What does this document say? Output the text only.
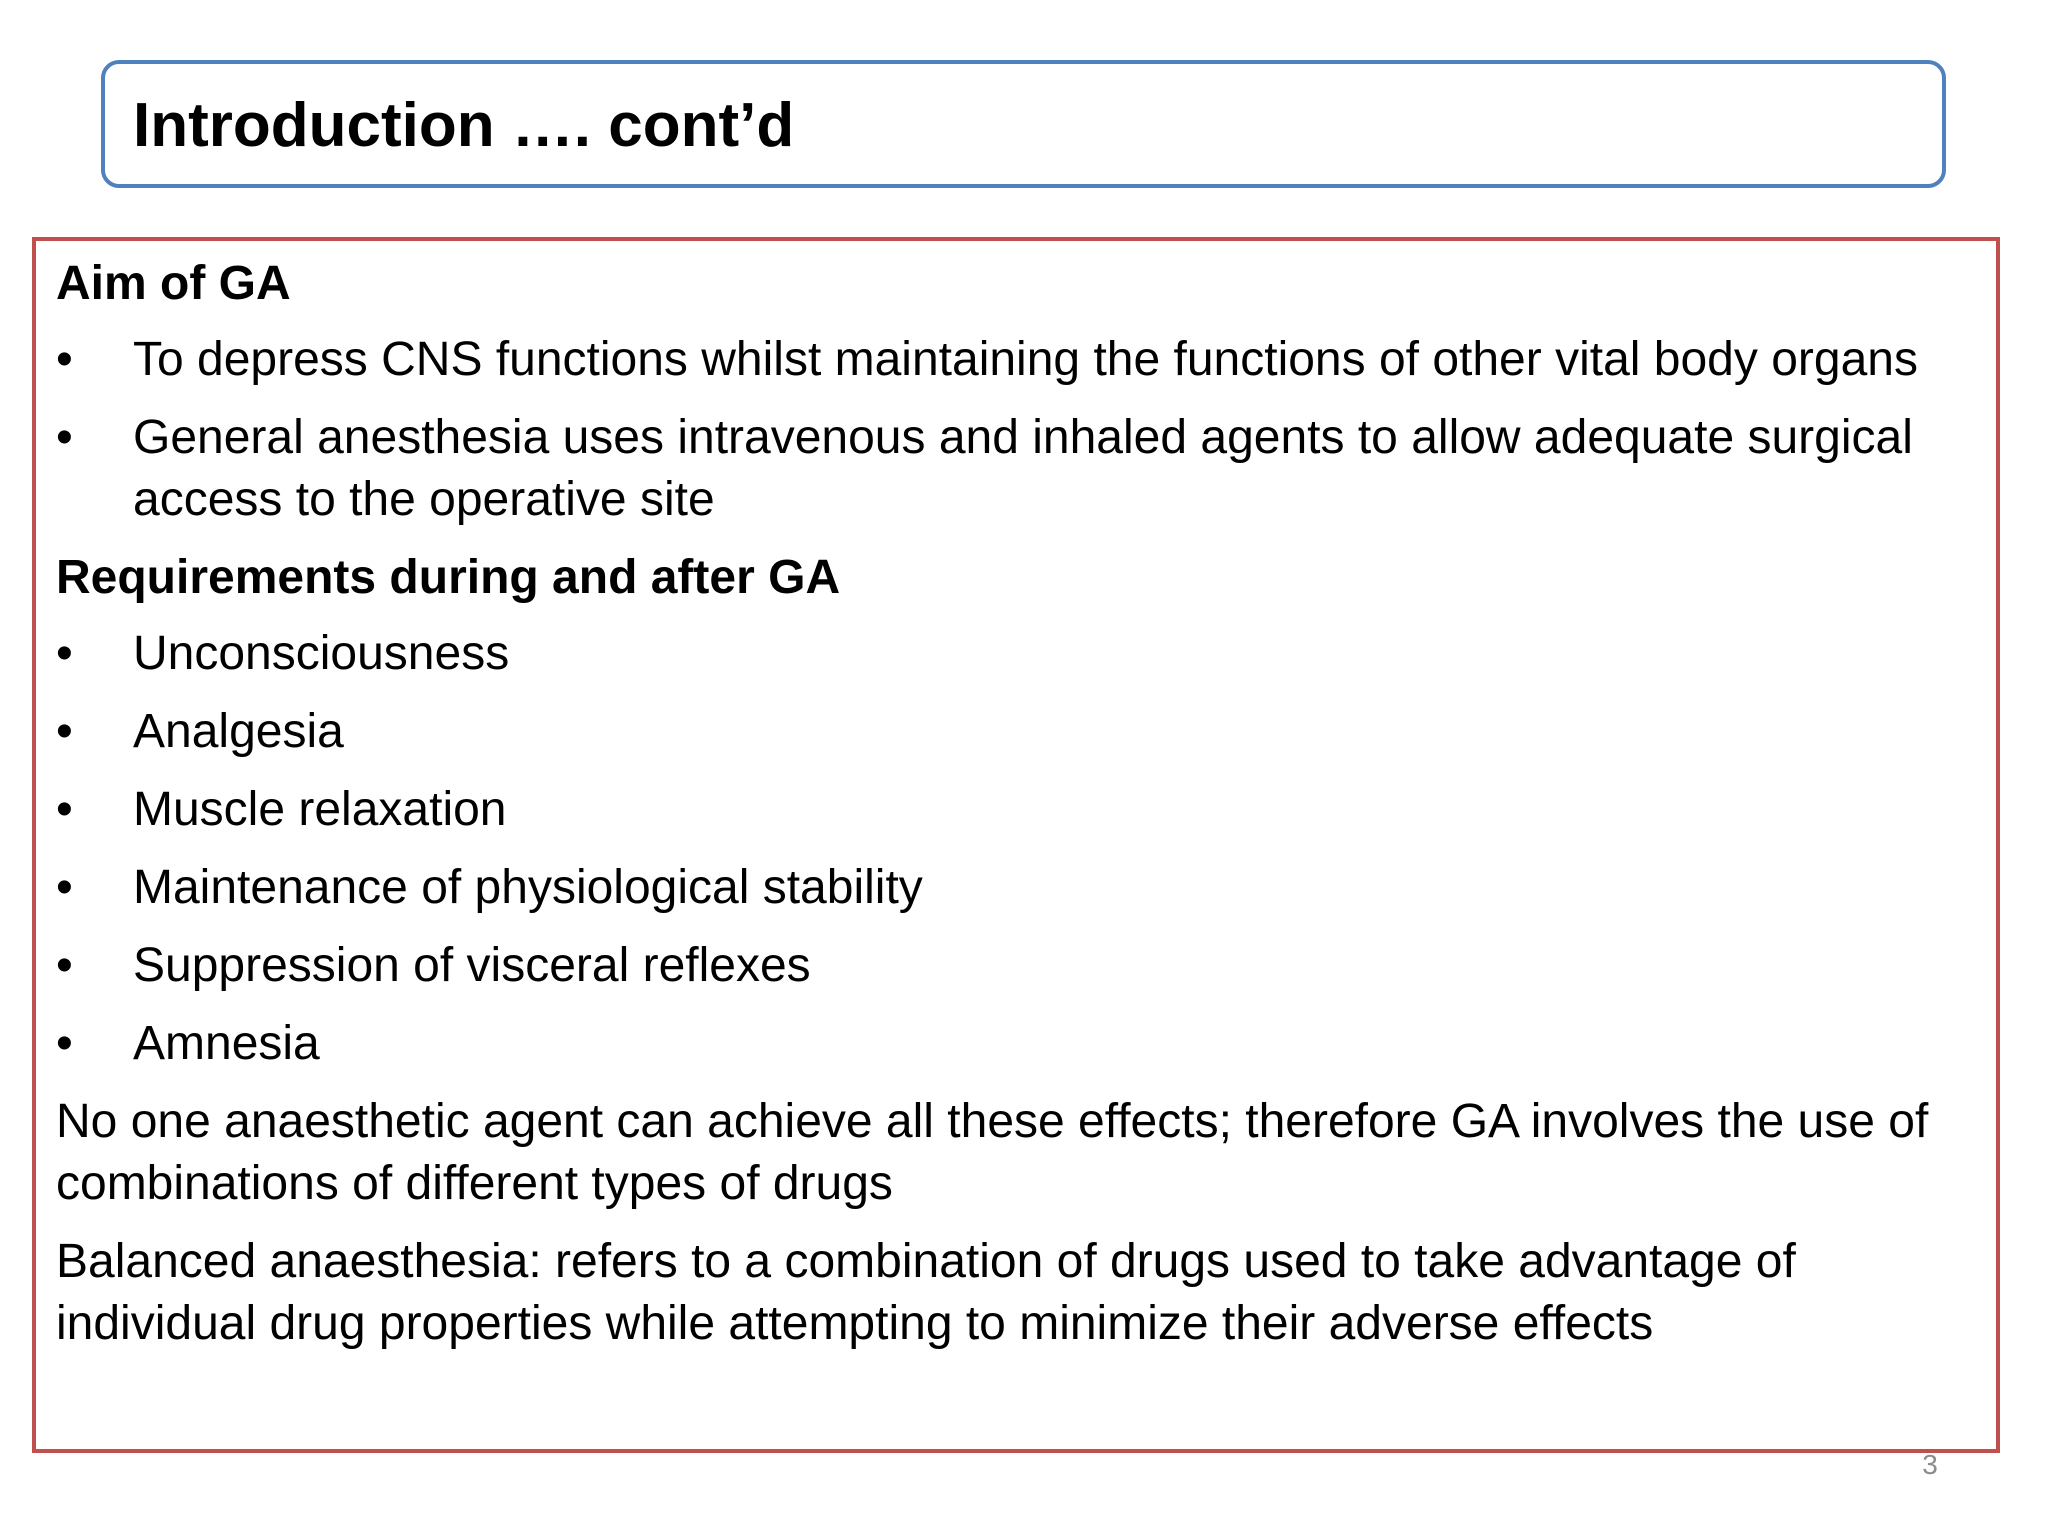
Introduction …. cont’d
Aim of GA
•	To depress CNS functions whilst maintaining the functions of other vital body organs
•	General anesthesia uses intravenous and inhaled agents to allow adequate surgical access to the operative site
Requirements during and after GA
•	Unconsciousness
•	Analgesia
•	Muscle relaxation
•	Maintenance of physiological stability
•	Suppression of visceral reflexes
•	Amnesia
No one anaesthetic agent can achieve all these effects; therefore GA involves the use of combinations of different types of drugs
Balanced anaesthesia: refers to a combination of drugs used to take advantage of individual drug properties while attempting to minimize their adverse effects
3
